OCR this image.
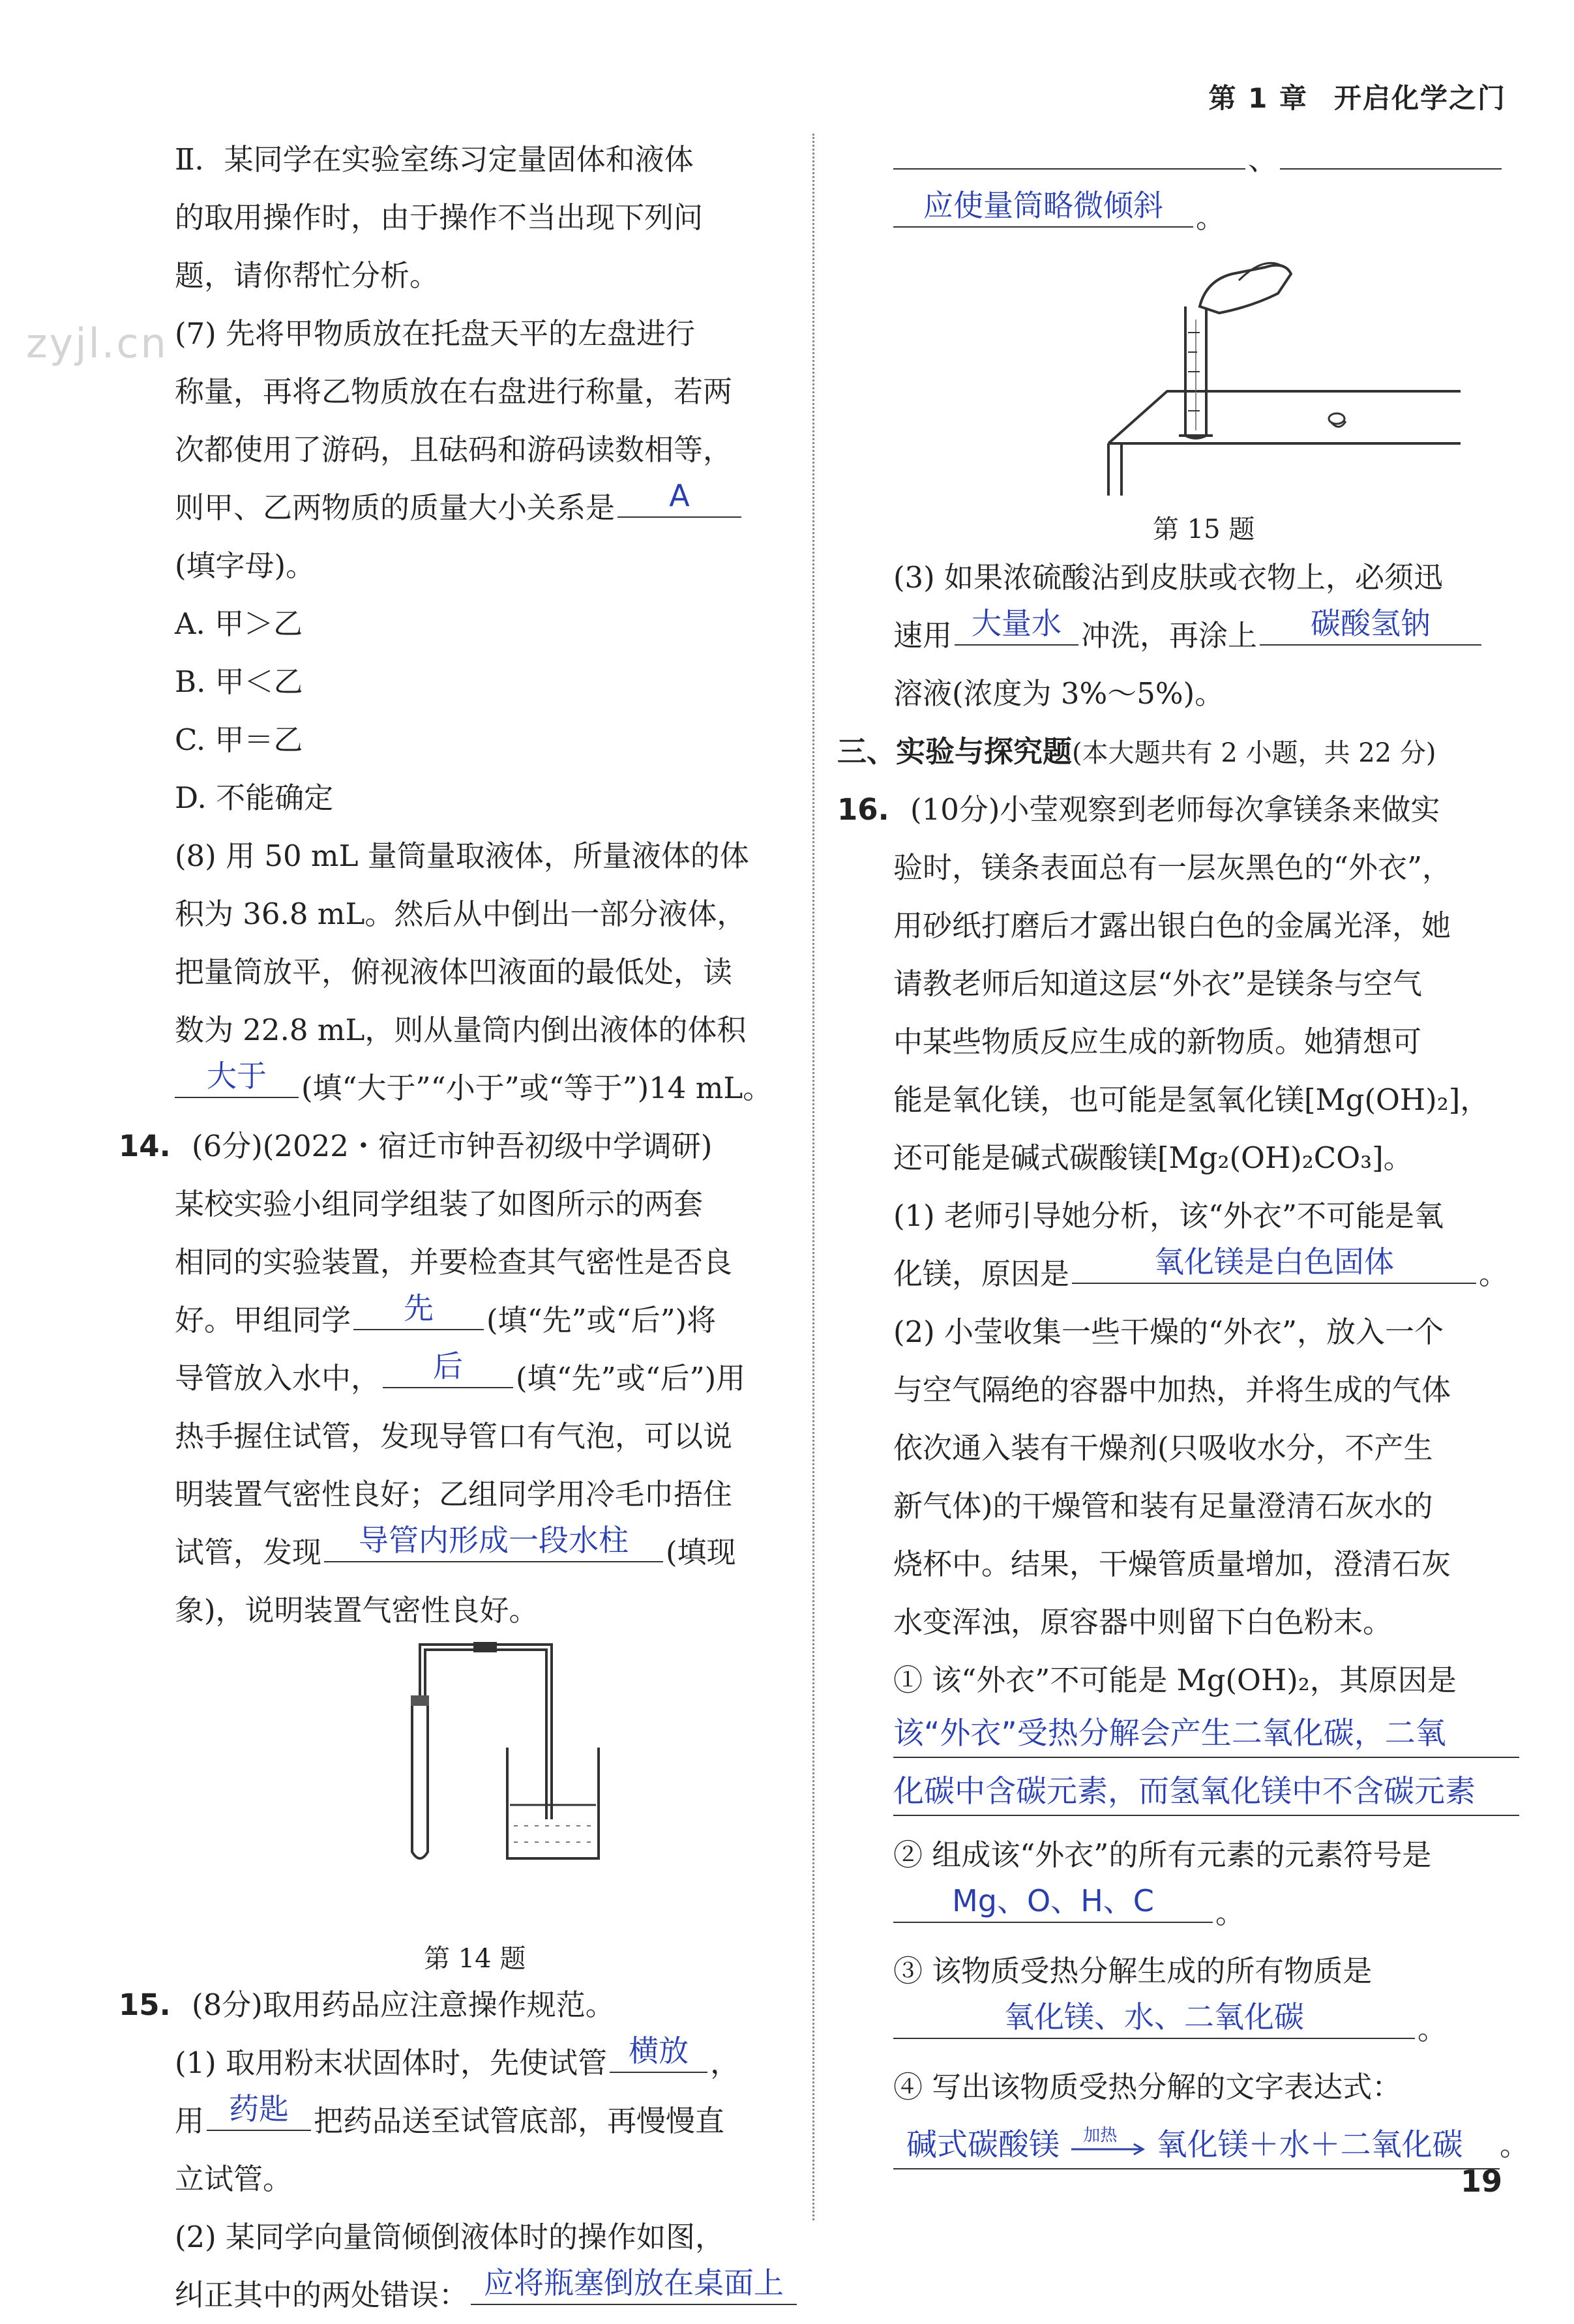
第 1 章 开启化学之门
zyjl.cn
Ⅱ．某同学在实验室练习定量固体和液体
的取用操作时，由于操作不当出现下列问
题，请你帮忙分析。
(7) 先将甲物质放在托盘天平的左盘进行
称量，再将乙物质放在右盘进行称量，若两
次都使用了游码，且砝码和游码读数相等，
则甲、乙两物质的质量大小关系是	A
(填字母)。
A. 甲＞乙
B. 甲＜乙
C. 甲＝乙
D. 不能确定
(8) 用 50 mL 量筒量取液体，所量液体的体
积为 36.8 mL。然后从中倒出一部分液体，
把量筒放平，俯视液体凹液面的最低处，读
数为 22.8 mL，则从量筒内倒出液体的体积
大于	(填“大于”“小于”或“等于”)14 mL。
14. (6分)(2022・宿迁市钟吾初级中学调研)
某校实验小组同学组装了如图所示的两套
相同的实验装置，并要检查其气密性是否良
好。甲组同学	先	(填“先”或“后”)将
导管放入水中，	后	(填“先”或“后”)用
热手握住试管，发现导管口有气泡，可以说
明装置气密性良好；乙组同学用冷毛巾捂住
试管，发现	导管内形成一段水柱	(填现
象)，说明装置气密性良好。
第 14 题
15. (8分)取用药品应注意操作规范。
(1) 取用粉末状固体时，先使试管 横放 ，
用 药匙 把药品送至试管底部，再慢慢直
立试管。
(2) 某同学向量筒倾倒液体时的操作如图，
纠正其中的两处错误： 应将瓶塞倒放在桌面上
、
应使量筒略微倾斜	。
第 15 题
(3) 如果浓硫酸沾到皮肤或衣物上，必须迅
速用 大量水 冲洗，再涂上	碳酸氢钠
溶液(浓度为 3%～5%)。
三、实验与探究题(本大题共有 2 小题，共 22 分)
16. (10分)小莹观察到老师每次拿镁条来做实
验时，镁条表面总有一层灰黑色的“外衣”，
用砂纸打磨后才露出银白色的金属光泽，她
请教老师后知道这层“外衣”是镁条与空气
中某些物质反应生成的新物质。她猜想可
能是氧化镁，也可能是氢氧化镁[Mg(OH)₂]，
还可能是碱式碳酸镁[Mg₂(OH)₂CO₃]。
(1) 老师引导她分析，该“外衣”不可能是氧
化镁，原因是	氧化镁是白色固体	。
(2) 小莹收集一些干燥的“外衣”，放入一个
与空气隔绝的容器中加热，并将生成的气体
依次通入装有干燥剂(只吸收水分，不产生
新气体)的干燥管和装有足量澄清石灰水的
烧杯中。结果，干燥管质量增加，澄清石灰
水变浑浊，原容器中则留下白色粉末。
① 该“外衣”不可能是 Mg(OH)₂，其原因是
该“外衣”受热分解会产生二氧化碳，二氧
化碳中含碳元素，而氢氧化镁中不含碳元素
② 组成该“外衣”的所有元素的元素符号是
Mg、O、H、C	。
③ 该物质受热分解生成的所有物质是
氧化镁、水、二氧化碳	。
④ 写出该物质受热分解的文字表达式：
碱式碳酸镁 加热 氧化镁＋水＋二氧化碳 。
19
